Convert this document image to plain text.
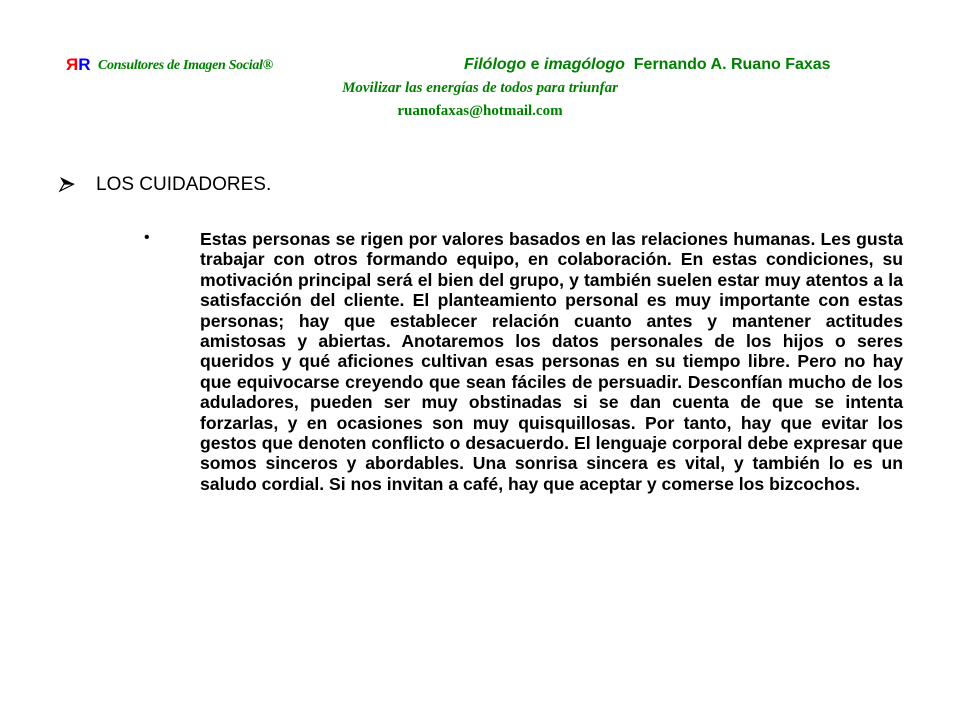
ЯR Consultores de Imagen Social®	Filólogo e imagólogo  Fernando A. Ruano Faxas
Movilizar las energías de todos para triunfar
ruanofaxas@hotmail.com
LOS CUIDADORES.
•	Estas personas se rigen por valores basados en las relaciones humanas. Les gusta trabajar con otros formando equipo, en colaboración. En estas condiciones, su motivación principal será el bien del grupo, y también suelen estar muy atentos a la satisfacción del cliente. El planteamiento personal es muy importante con estas personas; hay que establecer relación cuanto antes y mantener actitudes amistosas y abiertas. Anotaremos los datos personales de los hijos o seres queridos y qué aficiones cultivan esas personas en su tiempo libre. Pero no hay que equivocarse creyendo que sean fáciles de persuadir. Desconfían mucho de los aduladores, pueden ser muy obstinadas si se dan cuenta de que se intenta forzarlas, y en ocasiones son muy quisquillosas. Por tanto, hay que evitar los gestos que denoten conflicto o desacuerdo. El lenguaje corporal debe expresar que somos sinceros y abordables. Una sonrisa sincera es vital, y también lo es un saludo cordial. Si nos invitan a café, hay que aceptar y comerse los bizcochos.
